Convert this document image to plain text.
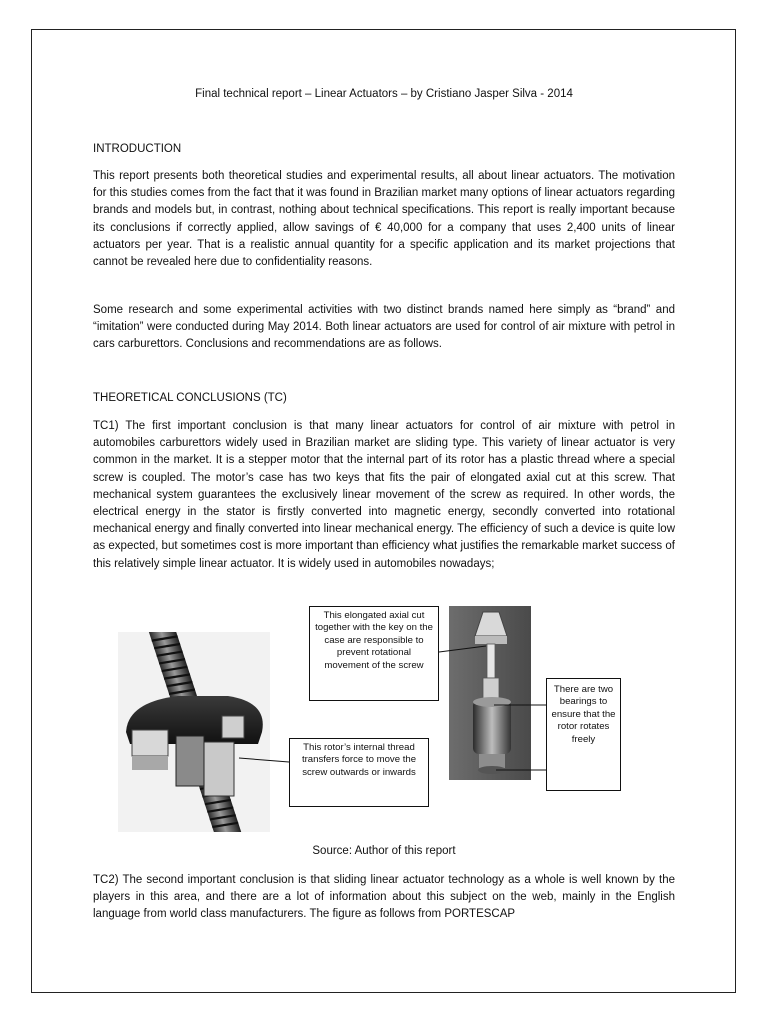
Final technical report – Linear Actuators – by Cristiano Jasper Silva - 2014
INTRODUCTION

This report presents both theoretical studies and experimental results, all about linear actuators. The motivation for this studies comes from the fact that it was found in Brazilian market many options of linear actuators regarding brands and models but, in contrast, nothing about technical specifications. This report is really important because its conclusions if correctly applied, allow savings of € 40,000 for a company that uses 2,400 units of linear actuators per year. That is a realistic annual quantity for a specific application and its market projections that cannot be revealed here due to confidentiality reasons.

Some research and some experimental activities with two distinct brands named here simply as “brand” and “imitation” were conducted during May 2014. Both linear actuators are used for control of air mixture with petrol in cars carburettors. Conclusions and recommendations are as follows.

THEORETICAL CONCLUSIONS (TC)

TC1) The first important conclusion is that many linear actuators for control of air mixture with petrol in automobiles carburettors widely used in Brazilian market are sliding type. This variety of linear actuator is very common in the market. It is a stepper motor that the internal part of its rotor has a plastic thread where a special screw is coupled. The motor’s case has two keys that fits the pair of elongated axial cut at this screw. That mechanical system guarantees the exclusively linear movement of the screw as required. In other words, the electrical energy in the stator is firstly converted into magnetic energy, secondly converted into rotational mechanical energy and finally converted into linear mechanical energy. The efficiency of such a device is quite low as expected, but sometimes cost is more important than efficiency what justifies the remarkable market success of this relatively simple linear actuator. It is widely used in automobiles nowadays;

This elongated axial cut together with the key on the case are responsible to prevent rotational movement of the screw
This rotor’s internal thread transfers force to move the screw outwards or inwards
There are two bearings to ensure that the rotor rotates freely
Source: Author of this report

TC2) The second important conclusion is that sliding linear actuator technology as a whole is well known by the players in this area, and there are a lot of information about this subject on the web, mainly in the English language from world class manufacturers. The figure as follows from PORTESCAP
